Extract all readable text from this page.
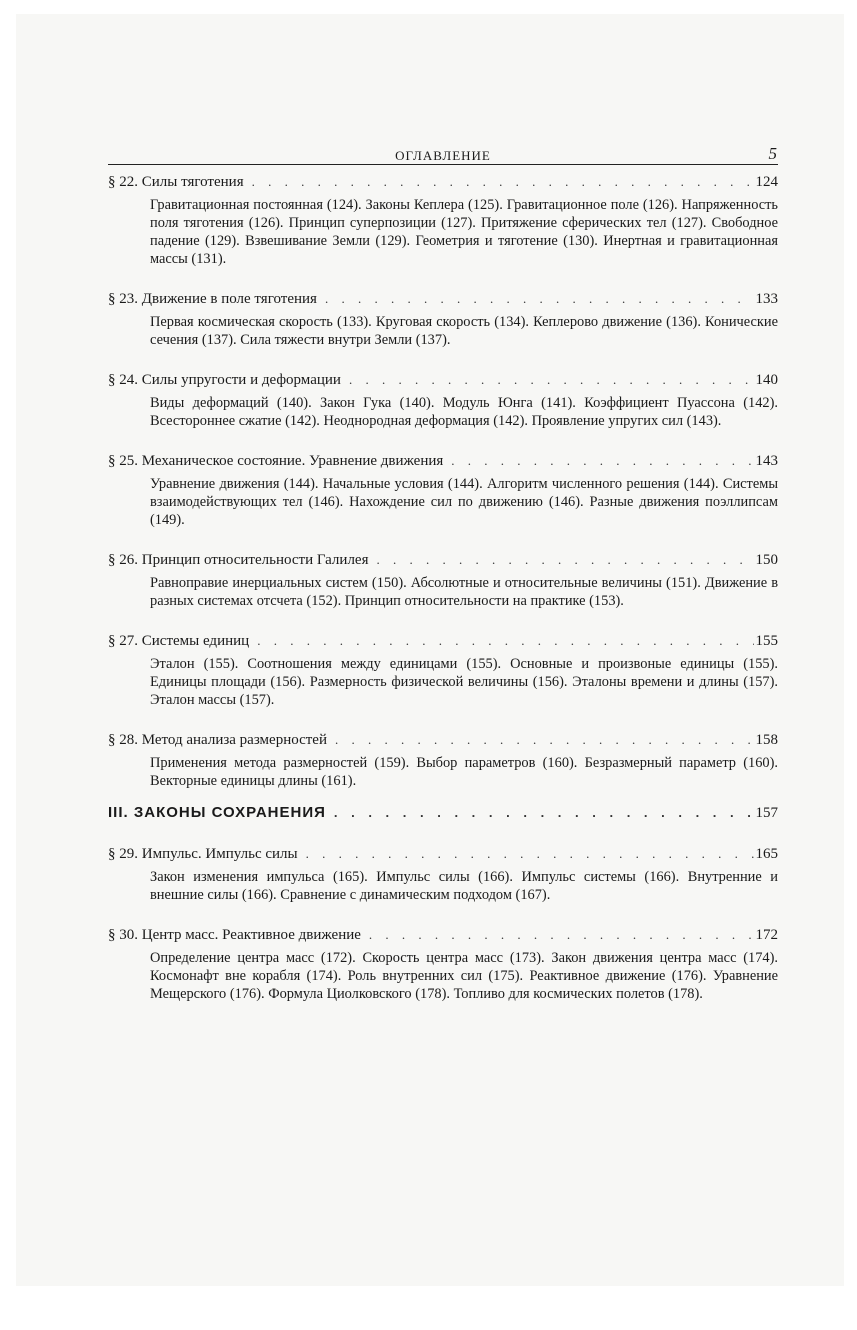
ОГЛАВЛЕНИЕ	5
§ 22. Силы тяготения . . .	124
Гравитационная постоянная (124). Законы Кеплера (125). Гравитационное поле (126). Напряженность поля тяготения (126). Принцип суперпозиции (127). Притяжение сферических тел (127). Свободное падение (129). Взвешивание Земли (129). Геометрия и тяготение (130). Инертная и гравитационная массы (131).
§ 23. Движение в поле тяготения . . .	133
Первая космическая скорость (133). Круговая скорость (134). Кеплерово движение (136). Конические сечения (137). Сила тяжести внутри Земли (137).
§ 24. Силы упругости и деформации . . .	140
Виды деформаций (140). Закон Гука (140). Модуль Юнга (141). Коэффициент Пуассона (142). Всестороннее сжатие (142). Неоднородная деформация (142). Проявление упругих сил (143).
§ 25. Механическое состояние. Уравнение движения . . .	143
Уравнение движения (144). Начальные условия (144). Алгоритм численного решения (144). Системы взаимодействующих тел (146). Нахождение сил по движению (146). Разные движения поэллипсам (149).
§ 26. Принцип относительности Галилея . . .	150
Равноправие инерциальных систем (150). Абсолютные и относительные величины (151). Движение в разных системах отсчета (152). Принцип относительности на практике (153).
§ 27. Системы единиц . . .	155
Эталон (155). Соотношения между единицами (155). Основные и произвоные единицы (155). Единицы площади (156). Размерность физической величины (156). Эталоны времени и длины (157). Эталон массы (157).
§ 28. Метод анализа размерностей . . .	158
Применения метода размерностей (159). Выбор параметров (160). Безразмерный параметр (160). Векторные единицы длины (161).
III. ЗАКОНЫ СОХРАНЕНИЯ . . .	157
§ 29. Импульс. Импульс силы . . .	165
Закон изменения импульса (165). Импульс силы (166). Импульс системы (166). Внутренние и внешние силы (166). Сравнение с динамическим подходом (167).
§ 30. Центр масс. Реактивное движение . . .	172
Определение центра масс (172). Скорость центра масс (173). Закон движения центра масс (174). Космонафт вне корабля (174). Роль внутренних сил (175). Реактивное движение (176). Уравнение Мещерского (176). Формула Циолковского (178). Топливо для космических полетов (178).
